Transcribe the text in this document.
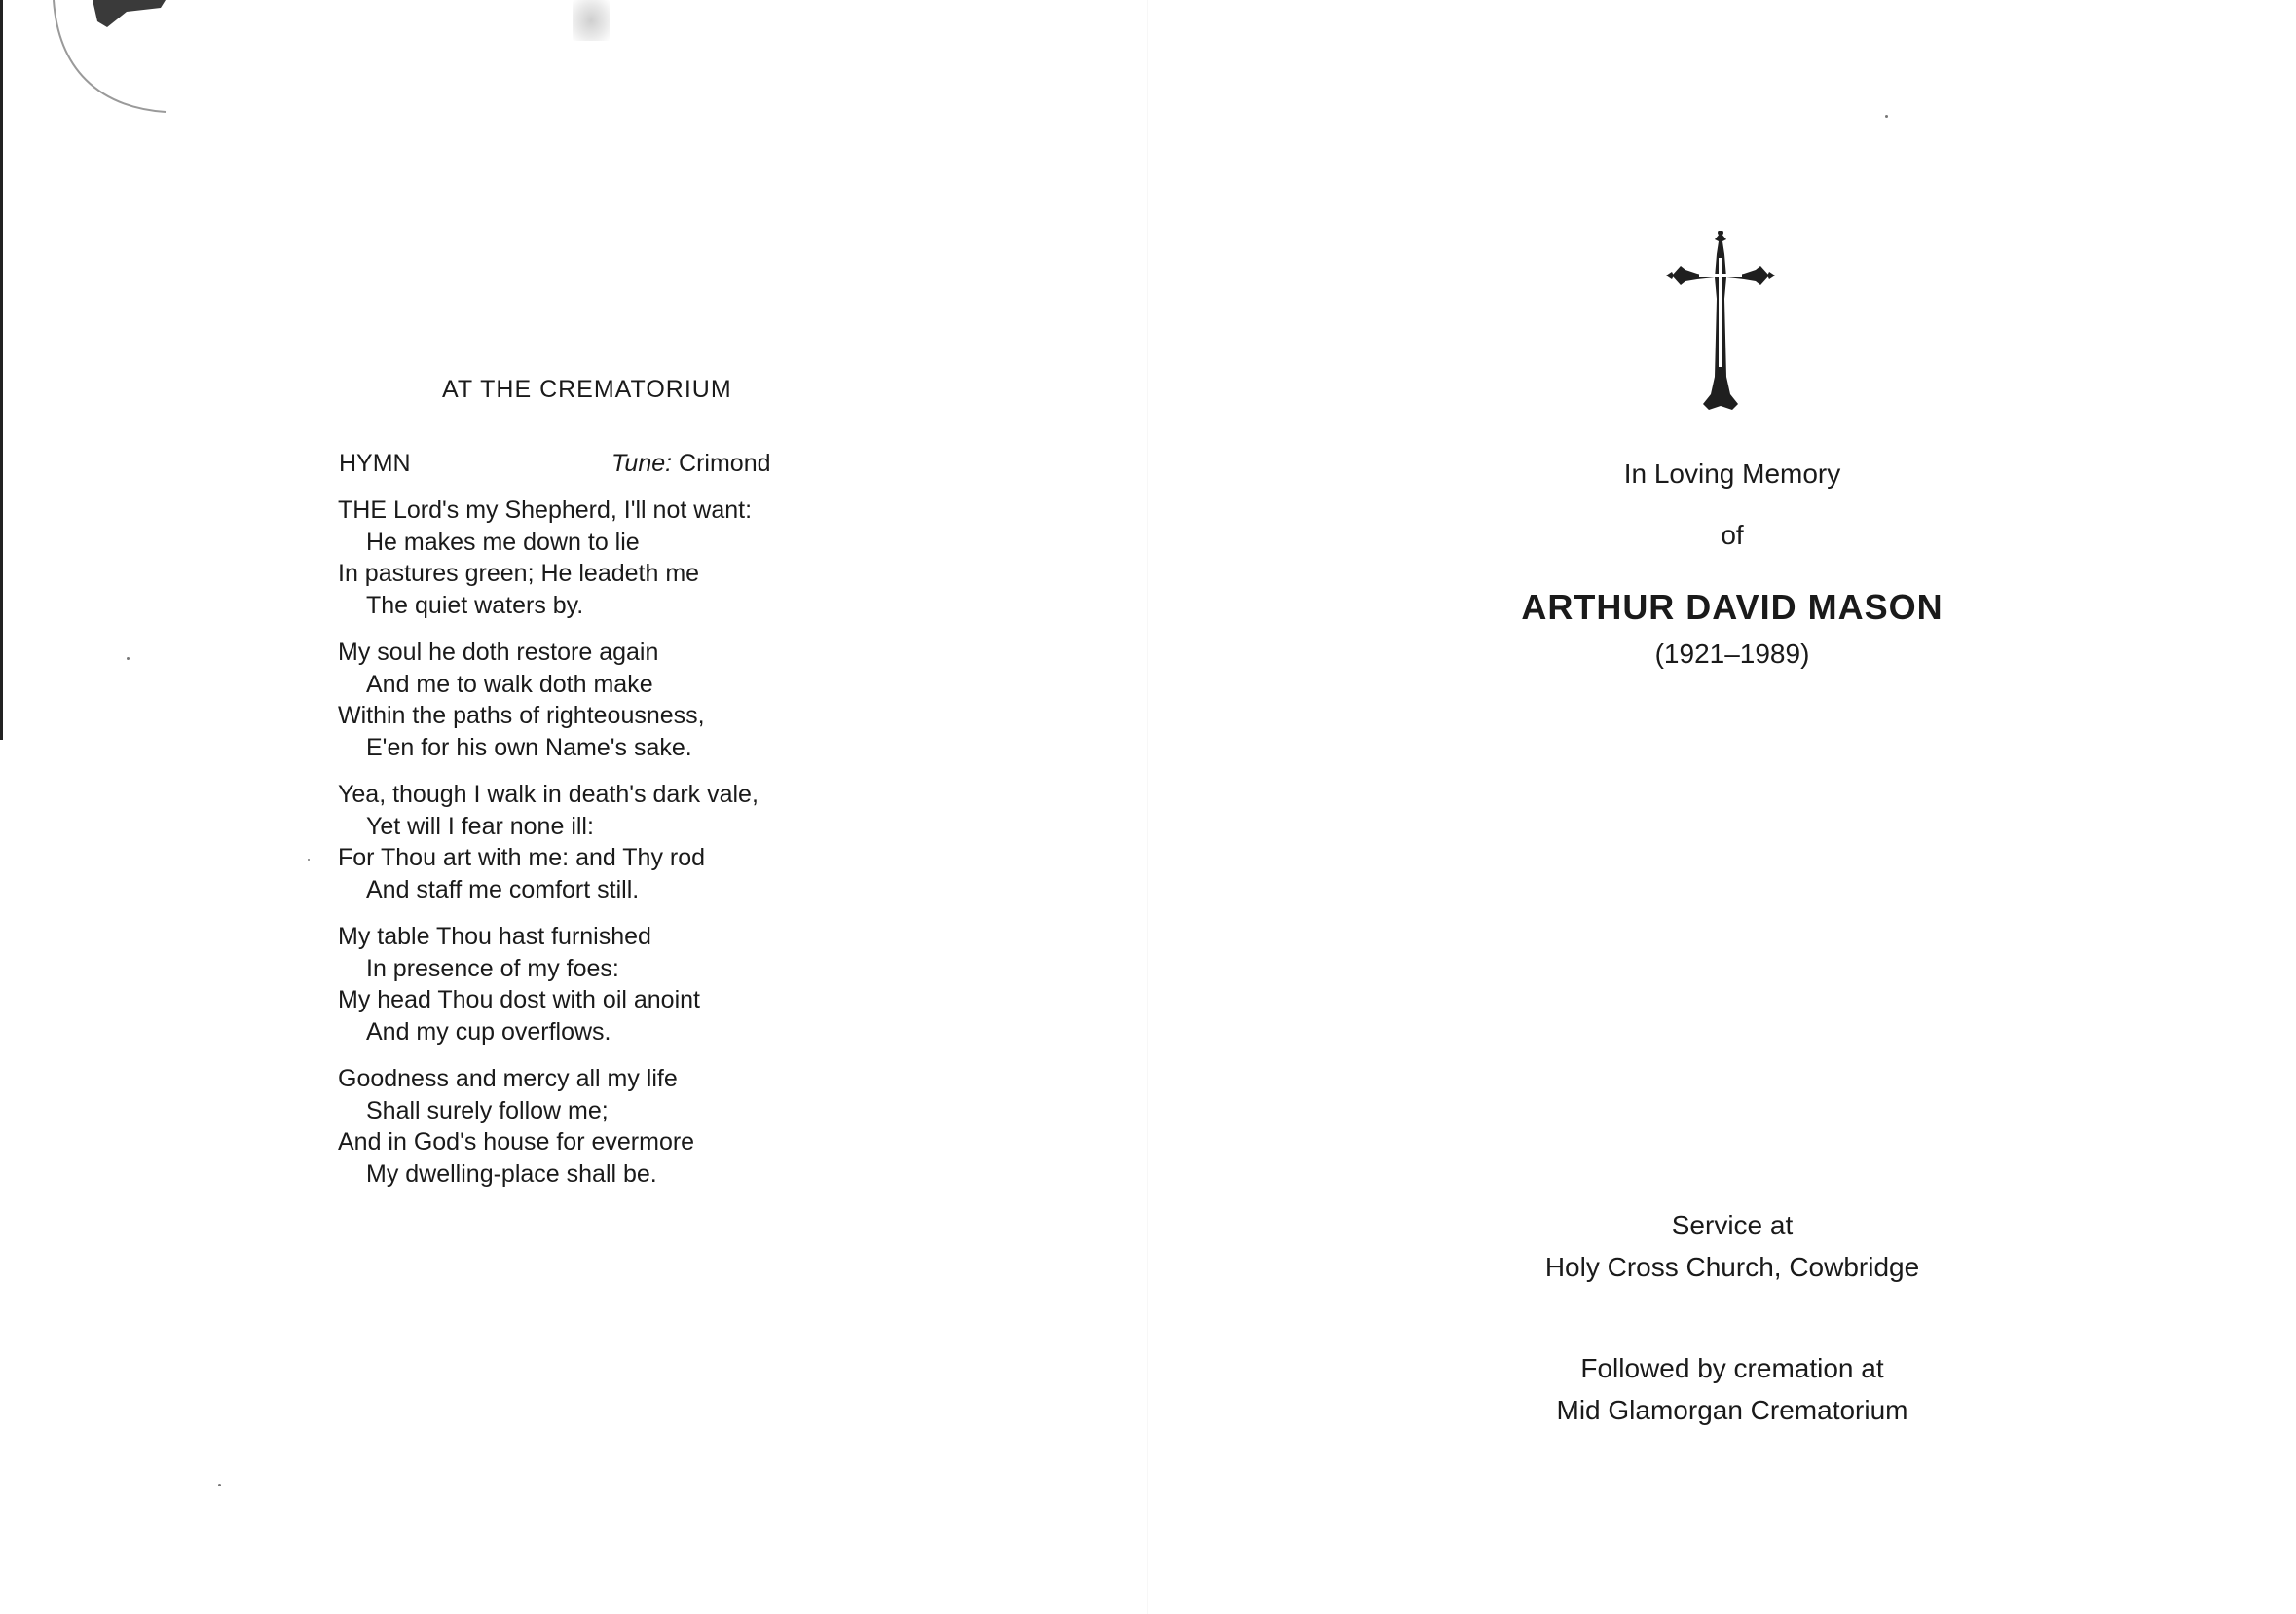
AT THE CREMATORIUM
HYMN	Tune: Crimond
THE Lord's my Shepherd, I'll not want:
He makes me down to lie
In pastures green; He leadeth me
The quiet waters by.
My soul he doth restore again
And me to walk doth make
Within the paths of righteousness,
E'en for his own Name's sake.
Yea, though I walk in death's dark vale,
Yet will I fear none ill:
For Thou art with me: and Thy rod
And staff me comfort still.
My table Thou hast furnished
In presence of my foes:
My head Thou dost with oil anoint
And my cup overflows.
Goodness and mercy all my life
Shall surely follow me;
And in God's house for evermore
My dwelling-place shall be.
In Loving Memory
of
ARTHUR DAVID MASON
(1921–1989)
Service at
Holy Cross Church, Cowbridge
Followed by cremation at
Mid Glamorgan Crematorium
